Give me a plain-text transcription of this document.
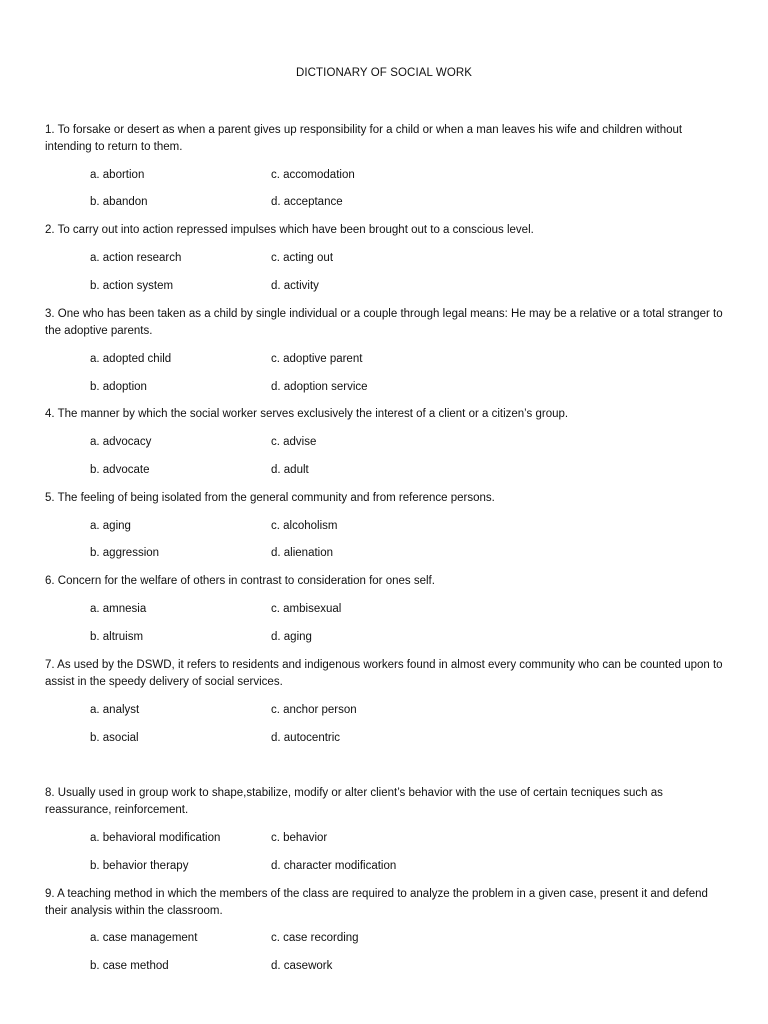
DICTIONARY OF SOCIAL WORK
1. To forsake or desert as when a parent gives up responsibility for a child or when a man leaves his wife and children without intending to return to them.
a. abortion	c. accomodation
b. abandon	d. acceptance
2. To carry out into action repressed impulses which have been brought out to a conscious level.
a. action research	c. acting out
b. action system	d. activity
3. One who has been taken as a child by single individual or a couple through legal means: He may be a relative or a total stranger to the adoptive parents.
a. adopted child	c. adoptive parent
b. adoption	d. adoption service
4. The manner by which the social worker serves exclusively the interest of a client or a citizen’s group.
a. advocacy	c. advise
b. advocate	d. adult
5. The feeling of being isolated from the general community and from reference persons.
a. aging	c. alcoholism
b. aggression	d. alienation
6. Concern for the welfare of others in contrast to consideration for ones self.
a. amnesia	c. ambisexual
b. altruism	d. aging
7. As used by the DSWD, it refers to residents and indigenous workers found in almost every community who can be counted upon to assist in the speedy delivery of social services.
a. analyst	c. anchor person
b. asocial	d. autocentric
8. Usually used in group work to shape,stabilize, modify or alter client’s behavior with the use of certain tecniques such as reassurance, reinforcement.
a. behavioral modification	c. behavior
b. behavior therapy	d. character modification
9. A teaching method in which the members of the class are required to analyze the problem in a given case, present it and defend their analysis within the classroom.
a. case management	c. case recording
b. case method	d. casework
